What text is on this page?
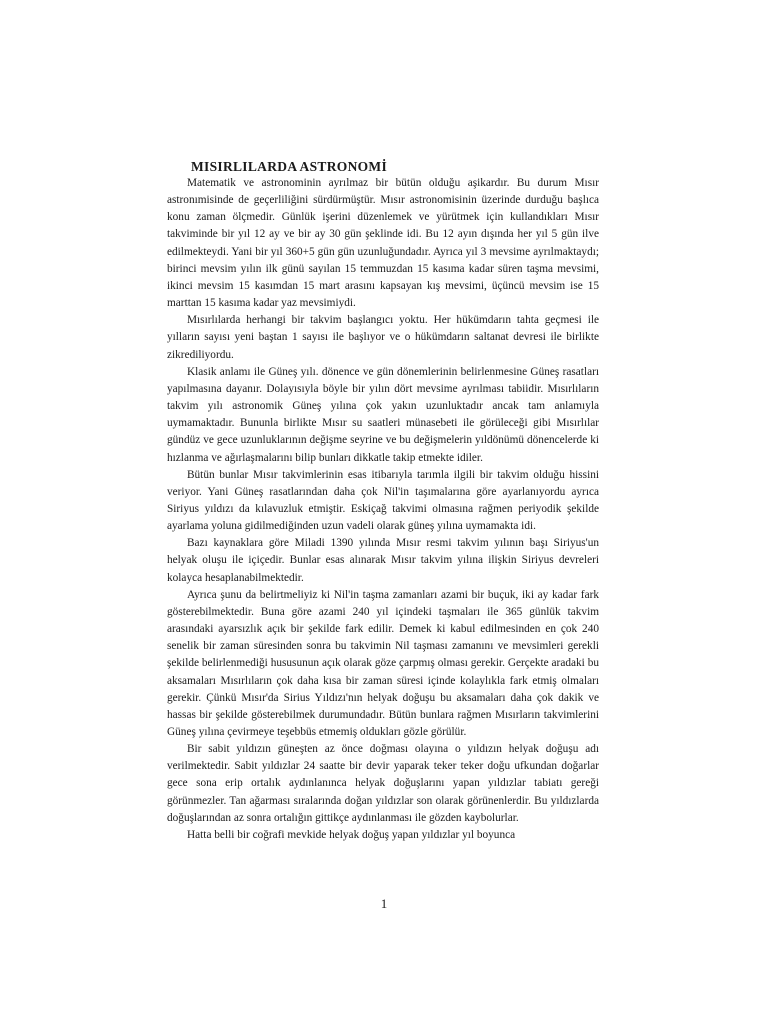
MISIRLILARDA ASTRONOMİ

Matematik ve astronominin ayrılmaz bir bütün olduğu aşikardır. Bu durum Mısır astronımisinde de geçerliliğini sürdürmüştür. Mısır astronomisinin üzerinde durduğu başlıca konu zaman ölçmedir. Günlük işerini düzenlemek ve yürütmek için kullandıkları Mısır takviminde bir yıl 12 ay ve bir ay 30 gün şeklinde idi. Bu 12 ayın dışında her yıl 5 gün ilve edilmekteydi. Yani bir yıl 360+5 gün gün uzunluğundadır. Ayrıca yıl 3 mevsime ayrılmaktaydı; birinci mevsim yılın ilk günü sayılan 15 temmuzdan 15 kasıma kadar süren taşma mevsimi, ikinci mevsim 15 kasımdan 15 mart arasını kapsayan kış mevsimi, üçüncü mevsim ise 15 marttan 15 kasıma kadar yaz mevsimiydi.

Mısırlılarda herhangi bir takvim başlangıcı yoktu. Her hükümdarın tahta geçmesi ile yılların sayısı yeni baştan 1 sayısı ile başlıyor ve o hükümdarın saltanat devresi ile birlikte zikrediliyordu.

Klasik anlamı ile Güneş yılı. dönence ve gün dönemlerinin belirlenmesine Güneş rasatları yapılmasına dayanır. Dolayısıyla böyle bir yılın dört mevsime ayrılması tabiidir. Mısırlıların takvim yılı astronomik Güneş yılına çok yakın uzunluktadır ancak tam anlamıyla uymamaktadır. Bununla birlikte Mısır su saatleri münasebeti ile görüleceği gibi Mısırlılar gündüz ve gece uzunluklarının değişme seyrine ve bu değişmelerin yıldönümü dönencelerde ki hızlanma ve ağırlaşmalarını bilip bunları dikkatle takip etmekte idiler.

Bütün bunlar Mısır takvimlerinin esas itibarıyla tarımla ilgili bir takvim olduğu hissini veriyor. Yani Güneş rasatlarından daha çok Nil'in taşımalarına göre ayarlanıyordu ayrıca Siriyus yıldızı da kılavuzluk etmiştir. Eskiçağ takvimi olmasına rağmen periyodik şekilde ayarlama yoluna gidilmediğinden uzun vadeli olarak güneş yılına uymamakta idi.

Bazı kaynaklara göre Miladi 1390 yılında Mısır resmi takvim yılının başı Siriyus'un helyak oluşu ile içiçedir. Bunlar esas alınarak Mısır takvim yılına ilişkin Siriyus devreleri kolayca hesaplanabilmektedir.

Ayrıca şunu da belirtmeliyiz ki Nil'in taşma zamanları azami bir buçuk, iki ay kadar fark gösterebilmektedir. Buna göre azami 240 yıl içindeki taşmaları ile 365 günlük takvim arasındaki ayarsızlık açık bir şekilde fark edilir. Demek ki kabul edilmesinden en çok 240 senelik bir zaman süresinden sonra bu takvimin Nil taşması zamanını ve mevsimleri gerekli şekilde belirlenmediği hususunun açık olarak göze çarpmış olması gerekir. Gerçekte aradaki bu aksamaları Mısırlıların çok daha kısa bir zaman süresi içinde kolaylıkla fark etmiş olmaları gerekir. Çünkü Mısır'da Sirius Yıldızı'nın helyak doğuşu bu aksamaları daha çok dakik ve hassas bir şekilde gösterebilmek durumundadır. Bütün bunlara rağmen Mısırların takvimlerini Güneş yılına çevirmeye teşebbüs etmemiş oldukları gözle görülür.

Bir sabit yıldızın güneşten az önce doğması olayına o yıldızın helyak doğuşu adı verilmektedir. Sabit yıldızlar 24 saatte bir devir yaparak teker teker doğu ufkundan doğarlar gece sona erip ortalık aydınlanınca helyak doğuşlarını yapan yıldızlar tabiatı gereği görünmezler. Tan ağarması sıralarında doğan yıldızlar son olarak görünenlerdir. Bu yıldızlarda doğuşlarından az sonra ortalığın gittikçe aydınlanması ile gözden kaybolurlar.

Hatta belli bir coğrafi mevkide helyak doğuş yapan yıldızlar yıl boyunca

1
